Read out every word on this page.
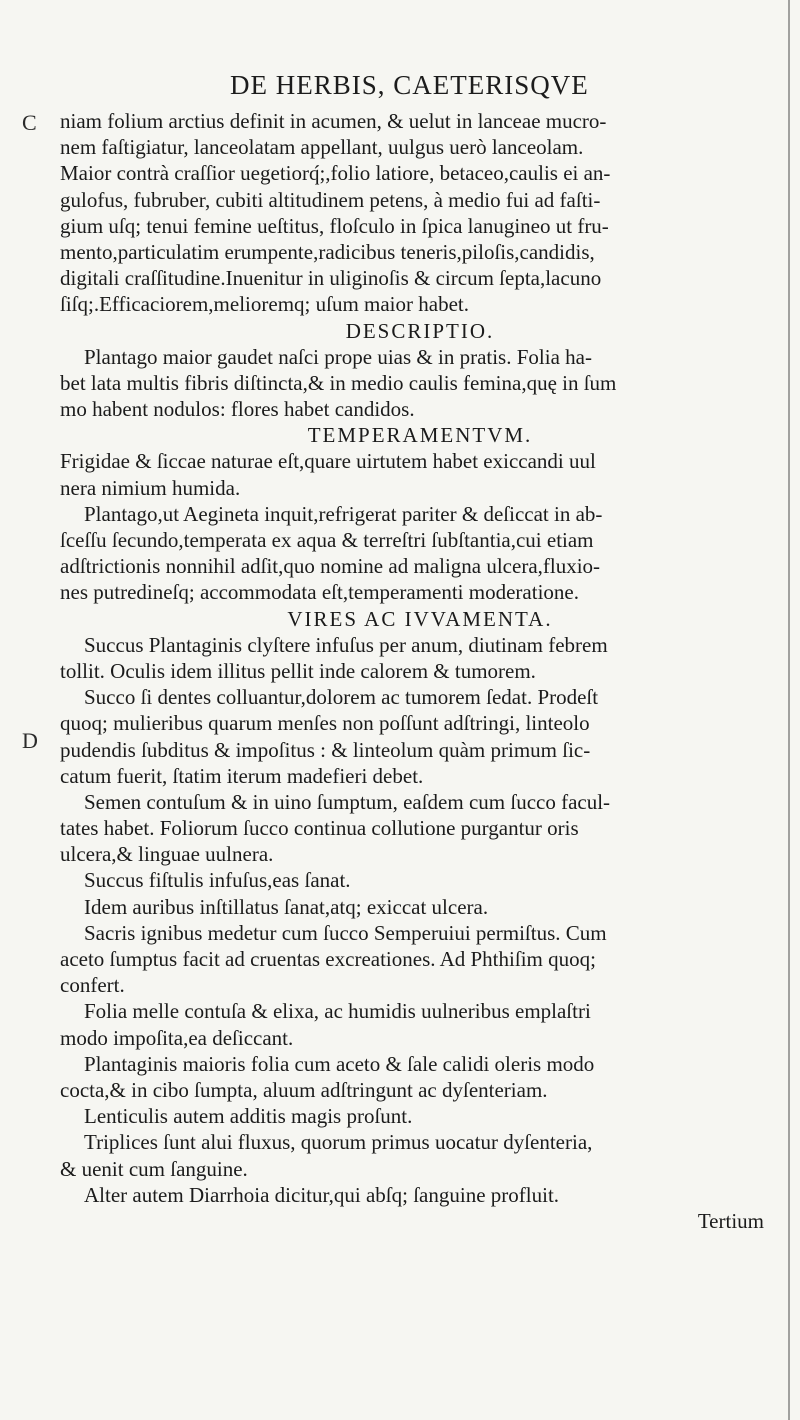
DE HERBIS, CAETERISQVE
C
D
niam folium arctius definit in acumen, & uelut in lanceae mucro-
nem faſtigiatur, lanceolatam appellant, uulgus uerò lanceolam.
Maior contrà craſſior uegetiorq́;,folio latiore, betaceo,caulis ei an-
gulofus, fubruber, cubiti altitudinem petens, à medio fui ad faſti-
gium uſq; tenui femine ueſtitus, floſculo in ſpica lanugineo ut fru-
mento,particulatim erumpente,radicibus teneris,piloſis,candidis,
digitali craſſitudine.Inuenitur in uliginoſis & circum ſepta,lacuno
ſiſq;.Efficaciorem,melioremq; uſum maior habet.
DESCRIPTIO.
Plantago maior gaudet naſci prope uias & in pratis. Folia ha-
bet lata multis fibris diſtincta,& in medio caulis femina,quę in ſum
mo habent nodulos: flores habet candidos.
TEMPERAMENTVM.
Frigidae & ſiccae naturae eſt,quare uirtutem habet exiccandi uul
nera nimium humida.
Plantago,ut Aegineta inquit,refrigerat pariter & deſiccat in ab-
ſceſſu ſecundo,temperata ex aqua & terreſtri ſubſtantia,cui etiam
adſtrictionis nonnihil adſit,quo nomine ad maligna ulcera,fluxio-
nes putredineſq; accommodata eſt,temperamenti moderatione.
VIRES AC IVVAMENTA.
Succus Plantaginis clyſtere infuſus per anum, diutinam febrem
tollit. Oculis idem illitus pellit inde calorem & tumorem.
Succo ſi dentes colluantur,dolorem ac tumorem ſedat. Prodeſt
quoq; mulieribus quarum menſes non poſſunt adſtringi, linteolo
pudendis ſubditus & impoſitus : & linteolum quàm primum ſic-
catum fuerit, ſtatim iterum madefieri debet.
Semen contuſum & in uino ſumptum, eaſdem cum ſucco facul-
tates habet. Foliorum ſucco continua collutione purgantur oris
ulcera,& linguae uulnera.
Succus fiſtulis infuſus,eas ſanat.
Idem auribus inſtillatus ſanat,atq; exiccat ulcera.
Sacris ignibus medetur cum ſucco Semperuiui permiſtus. Cum
aceto ſumptus facit ad cruentas excreationes. Ad Phthiſim quoq;
confert.
Folia melle contuſa & elixa, ac humidis uulneribus emplaſtri
modo impoſita,ea deſiccant.
Plantaginis maioris folia cum aceto & ſale calidi oleris modo
cocta,& in cibo ſumpta, aluum adſtringunt ac dyſenteriam.
Lenticulis autem additis magis proſunt.
Triplices ſunt alui fluxus, quorum primus uocatur dyſenteria,
& uenit cum ſanguine.
Alter autem Diarrhoia dicitur,qui abſq; ſanguine profluit.
Tertium
